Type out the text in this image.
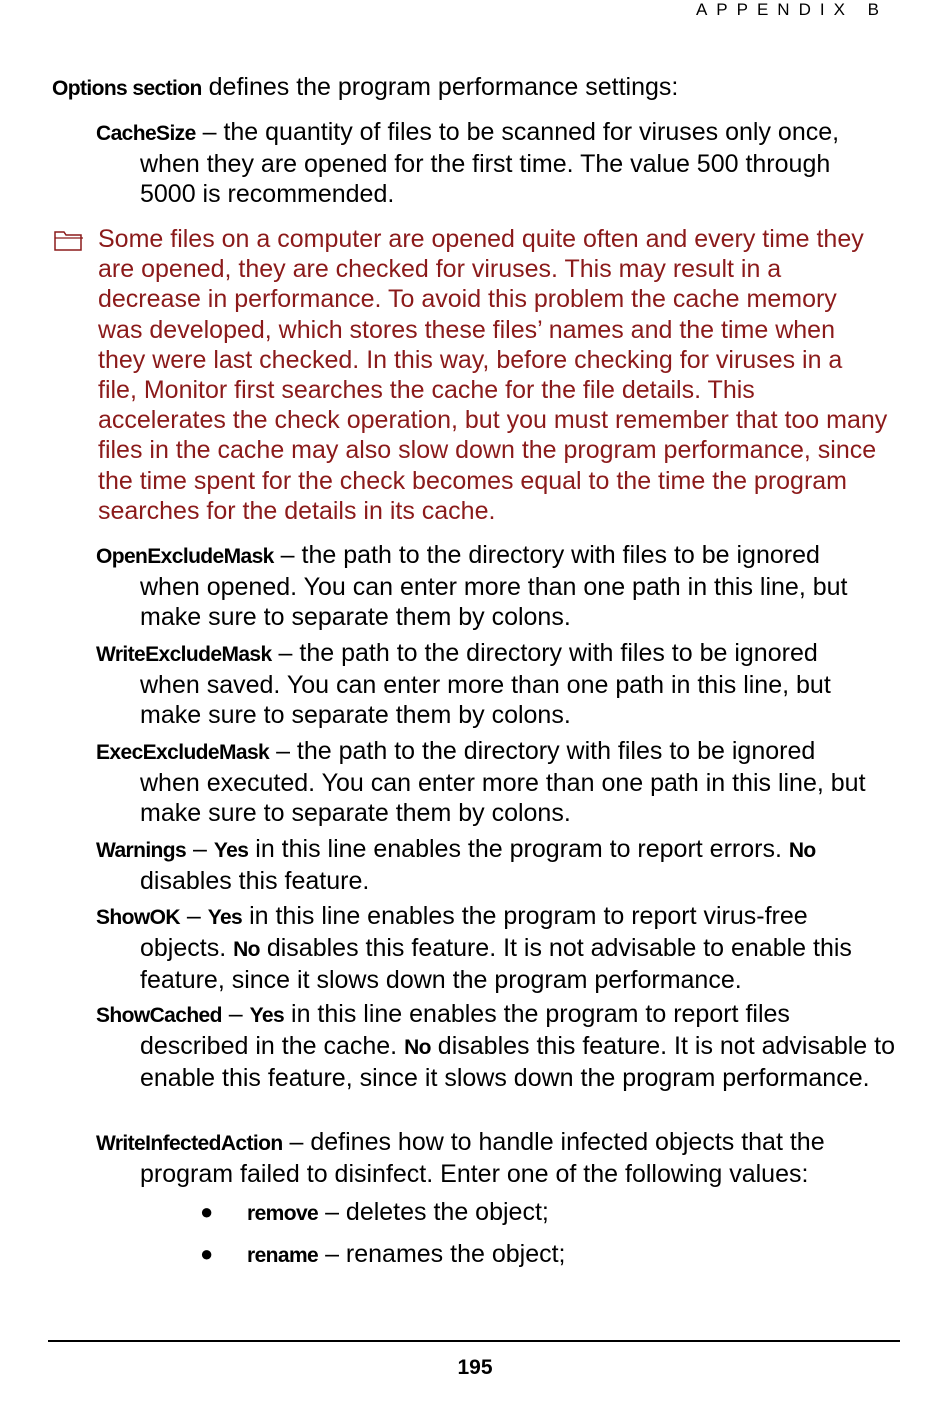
APPENDIX B

Options section defines the program performance settings:

CacheSize – the quantity of files to be scanned for viruses only once,
when they are opened for the first time. The value 500 through 5000 is recommended.
Some files on a computer are opened quite often and every time they are opened, they are checked for viruses. This may result in a decrease in performance. To avoid this problem the cache memory was developed, which stores these files’ names and the time when they were last checked. In this way, before checking for viruses in a file, Monitor first searches the cache for the file details. This accelerates the check operation, but you must remember that too many files in the cache may also slow down the program performance, since the time spent for the check becomes equal to the time the program searches for the details in its cache.
OpenExcludeMask – the path to the directory with files to be ignored
when opened. You can enter more than one path in this line, but make sure to separate them by colons.
WriteExcludeMask – the path to the directory with files to be ignored
when saved. You can enter more than one path in this line, but make sure to separate them by colons.
ExecExcludeMask – the path to the directory with files to be ignored
when executed. You can enter more than one path in this line, but make sure to separate them by colons.
Warnings – Yes in this line enables the program to report errors. No
disables this feature.
ShowOK – Yes in this line enables the program to report virus-free
objects. No disables this feature. It is not advisable to enable this feature, since it slows down the program performance.
ShowCached – Yes in this line enables the program to report files
described in the cache. No disables this feature. It is not advisable to enable this feature, since it slows down the program performance.
WriteInfectedAction – defines how to handle infected objects that the
program failed to disinfect. Enter one of the following values:
● remove – deletes the object;
● rename – renames the object;
195
